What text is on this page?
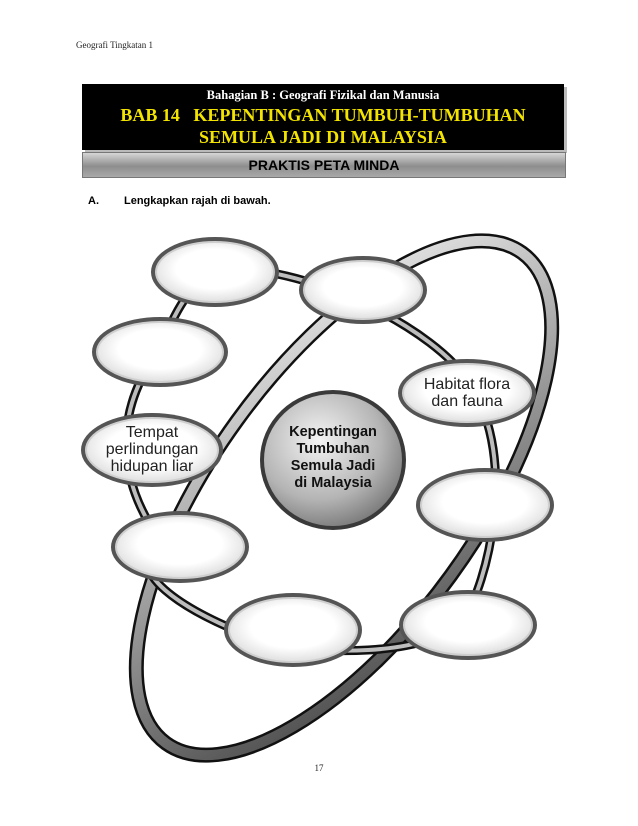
Geografi Tingkatan 1
Bahagian B : Geografi Fizikal dan Manusia
BAB 14   KEPENTINGAN TUMBUH-TUMBUHAN
SEMULA JADI DI MALAYSIA
PRAKTIS PETA MINDA
A. Lengkapkan rajah di bawah.
Habitat flora
dan fauna
Tempat
perlindungan
hidupan liar
Kepentingan
Tumbuhan
Semula Jadi
di Malaysia
17
